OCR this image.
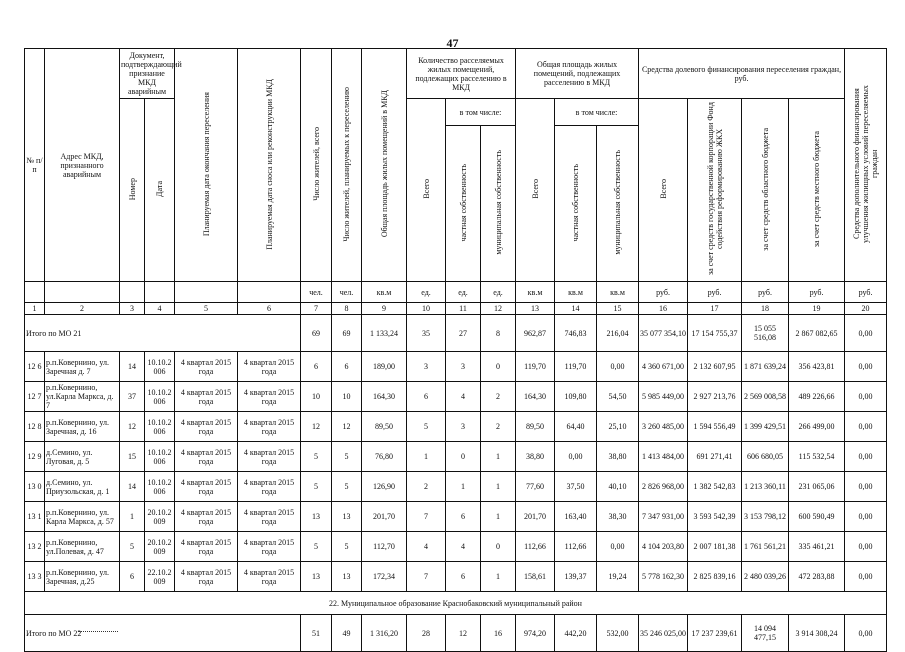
47
№ п/ п	Адрес МКД, признанного аварийным	Документ, подтверждающий признание МКД аварийным		Планируемая дата окончания переселения	Планируемая дата сноса или реконструкции МКД	Число жителей, всего	Число жителей, планируемых к переселению	Общая площадь жилых помещений в МКД	Количество расселяемых жилых помещений, подлежащих расселению в МКД			Общая площадь жилых помещений, подлежащих расселению в МКД			Средства долевого финансирования переселения граждан, руб.				Средства дополнительного финансирования улучшения жилищных условий переселяемых граждан
		Номер	Дата						Всего	в том числе:		Всего	в том числе:		Всего	за счет средств государственной корпорации Фонд содействия реформированию ЖКХ	за счет средств областного бюджета	за счет средств местного бюджета	
										частная собственность	муниципальная собственность		частная собственность	муниципальная собственность					
						чел.	чел.	кв.м	ед.	ед.	ед.	кв.м	кв.м	кв.м	руб.	руб.	руб.	руб.	руб.
1	2	3	4	5	6	7	8	9	10	11	12	13	14	15	16	17	18	19	20
Итого по МО 21						69	69	1 133,24	35	27	8	962,87	746,83	216,04	35 077 354,10	17 154 755,37	15 055 516,08	2 867 082,65	0,00
12 6	р.п.Ковернино, ул. Заречная д. 7	14	10.10.2 006	4 квартал 2015 года	4 квартал 2015 года	6	6	189,00	3	3	0	119,70	119,70	0,00	4 360 671,00	2 132 607,95	1 871 639,24	356 423,81	0,00
12 7	р.п.Ковернино, ул.Карла Маркса, д. 7	37	10.10.2 006	4 квартал 2015 года	4 квартал 2015 года	10	10	164,30	6	4	2	164,30	109,80	54,50	5 985 449,00	2 927 213,76	2 569 008,58	489 226,66	0,00
12 8	р.п.Ковернино, ул. Заречная, д. 16	12	10.10.2 006	4 квартал 2015 года	4 квартал 2015 года	12	12	89,50	5	3	2	89,50	64,40	25,10	3 260 485,00	1 594 556,49	1 399 429,51	266 499,00	0,00
12 9	д.Семино, ул. Луговая, д. 5	15	10.10.2 006	4 квартал 2015 года	4 квартал 2015 года	5	5	76,80	1	0	1	38,80	0,00	38,80	1 413 484,00	691 271,41	606 680,05	115 532,54	0,00
13 0	д.Семино, ул. Приузольская, д. 1	14	10.10.2 006	4 квартал 2015 года	4 квартал 2015 года	5	5	126,90	2	1	1	77,60	37,50	40,10	2 826 968,00	1 382 542,83	1 213 360,11	231 065,06	0,00
13 1	р.п.Ковернино, ул. Карла Маркса, д. 57	1	20.10.2 009	4 квартал 2015 года	4 квартал 2015 года	13	13	201,70	7	6	1	201,70	163,40	38,30	7 347 931,00	3 593 542,39	3 153 798,12	600 590,49	0,00
13 2	р.п.Ковернино, ул.Полевая, д. 47	5	20.10.2 009	4 квартал 2015 года	4 квартал 2015 года	5	5	112,70	4	4	0	112,66	112,66	0,00	4 104 203,80	2 007 181,38	1 761 561,21	335 461,21	0,00
13 3	р.п.Ковернино, ул. Заречная, д.25	6	22.10.2 009	4 квартал 2015 года	4 квартал 2015 года	13	13	172,34	7	6	1	158,61	139,37	19,24	5 778 162,30	2 825 839,16	2 480 039,26	472 283,88	0,00
22. Муниципальное образование Краснобаковский муниципальный район																			
Итого по МО 22						51	49	1 316,20	28	12	16	974,20	442,20	532,00	35 246 025,00	17 237 239,61	14 094 477,15	3 914 308,24	0,00
